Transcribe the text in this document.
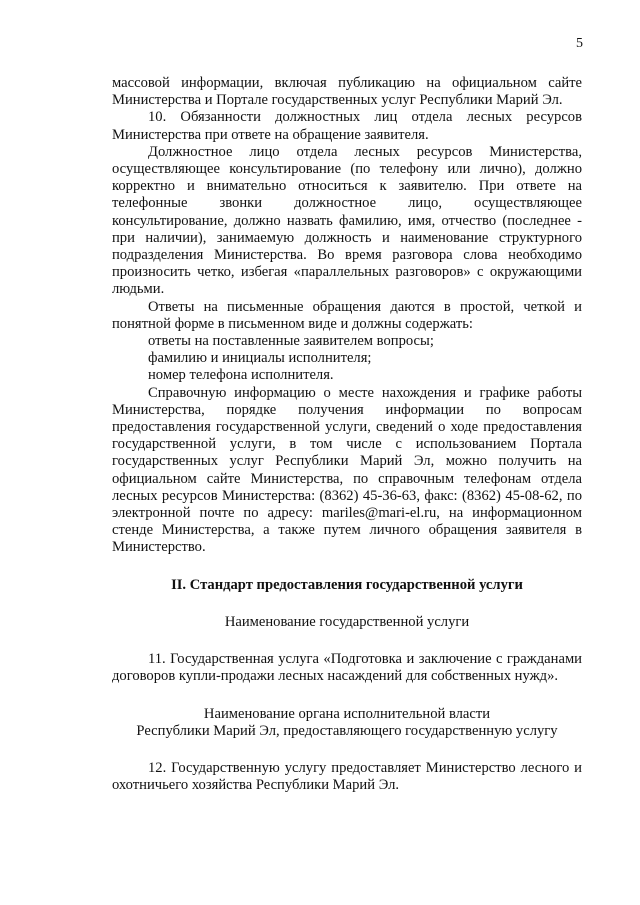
5

массовой информации, включая публикацию на официальном сайте Министерства и Портале государственных услуг Республики Марий Эл.

10. Обязанности должностных лиц отдела лесных ресурсов Министерства при ответе на обращение заявителя.

Должностное лицо отдела лесных ресурсов Министерства, осуществляющее консультирование (по телефону или лично), должно корректно и внимательно относиться к заявителю. При ответе на телефонные звонки должностное лицо, осуществляющее консультирование, должно назвать фамилию, имя, отчество (последнее - при наличии), занимаемую должность и наименование структурного подразделения Министерства. Во время разговора слова необходимо произносить четко, избегая «параллельных разговоров» с окружающими людьми.

Ответы на письменные обращения даются в простой, четкой и понятной форме в письменном виде и должны содержать:

ответы на поставленные заявителем вопросы;

фамилию и инициалы исполнителя;

номер телефона исполнителя.

Справочную информацию о месте нахождения и графике работы Министерства, порядке получения информации по вопросам предоставления государственной услуги, сведений о ходе предоставления государственной услуги, в том числе с использованием Портала государственных услуг Республики Марий Эл, можно получить на официальном сайте Министерства, по справочным телефонам отдела лесных ресурсов Министерства: (8362) 45-36-63, факс: (8362) 45-08-62, по электронной почте по адресу: mariles@mari-el.ru, на информационном стенде Министерства, а также путем личного обращения заявителя в Министерство.

II. Стандарт предоставления государственной услуги

Наименование государственной услуги

11. Государственная услуга «Подготовка и заключение с гражданами договоров купли-продажи лесных насаждений для собственных нужд».

Наименование органа исполнительной власти
Республики Марий Эл, предоставляющего государственную услугу

12. Государственную услугу предоставляет Министерство лесного и охотничьего хозяйства Республики Марий Эл.
